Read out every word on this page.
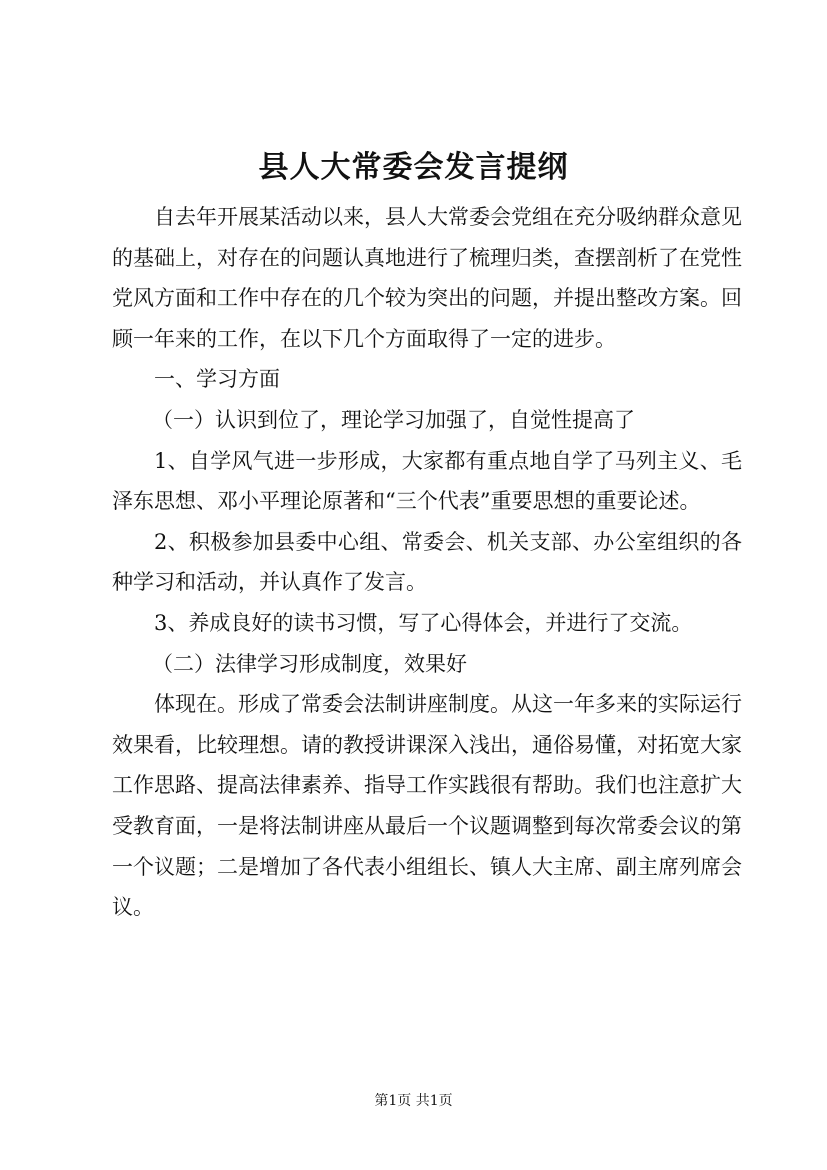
县人大常委会发言提纲

自去年开展某活动以来，县人大常委会党组在充分吸纳群众意见的基础上，对存在的问题认真地进行了梳理归类，查摆剖析了在党性党风方面和工作中存在的几个较为突出的问题，并提出整改方案。回顾一年来的工作，在以下几个方面取得了一定的进步。

一、学习方面

（一）认识到位了，理论学习加强了，自觉性提高了

1、自学风气进一步形成，大家都有重点地自学了马列主义、毛泽东思想、邓小平理论原著和“三个代表”重要思想的重要论述。

2、积极参加县委中心组、常委会、机关支部、办公室组织的各种学习和活动，并认真作了发言。

3、养成良好的读书习惯，写了心得体会，并进行了交流。

（二）法律学习形成制度，效果好

体现在。形成了常委会法制讲座制度。从这一年多来的实际运行效果看，比较理想。请的教授讲课深入浅出，通俗易懂，对拓宽大家工作思路、提高法律素养、指导工作实践很有帮助。我们也注意扩大受教育面，一是将法制讲座从最后一个议题调整到每次常委会议的第一个议题；二是增加了各代表小组组长、镇人大主席、副主席列席会议。

第1页 共1页
